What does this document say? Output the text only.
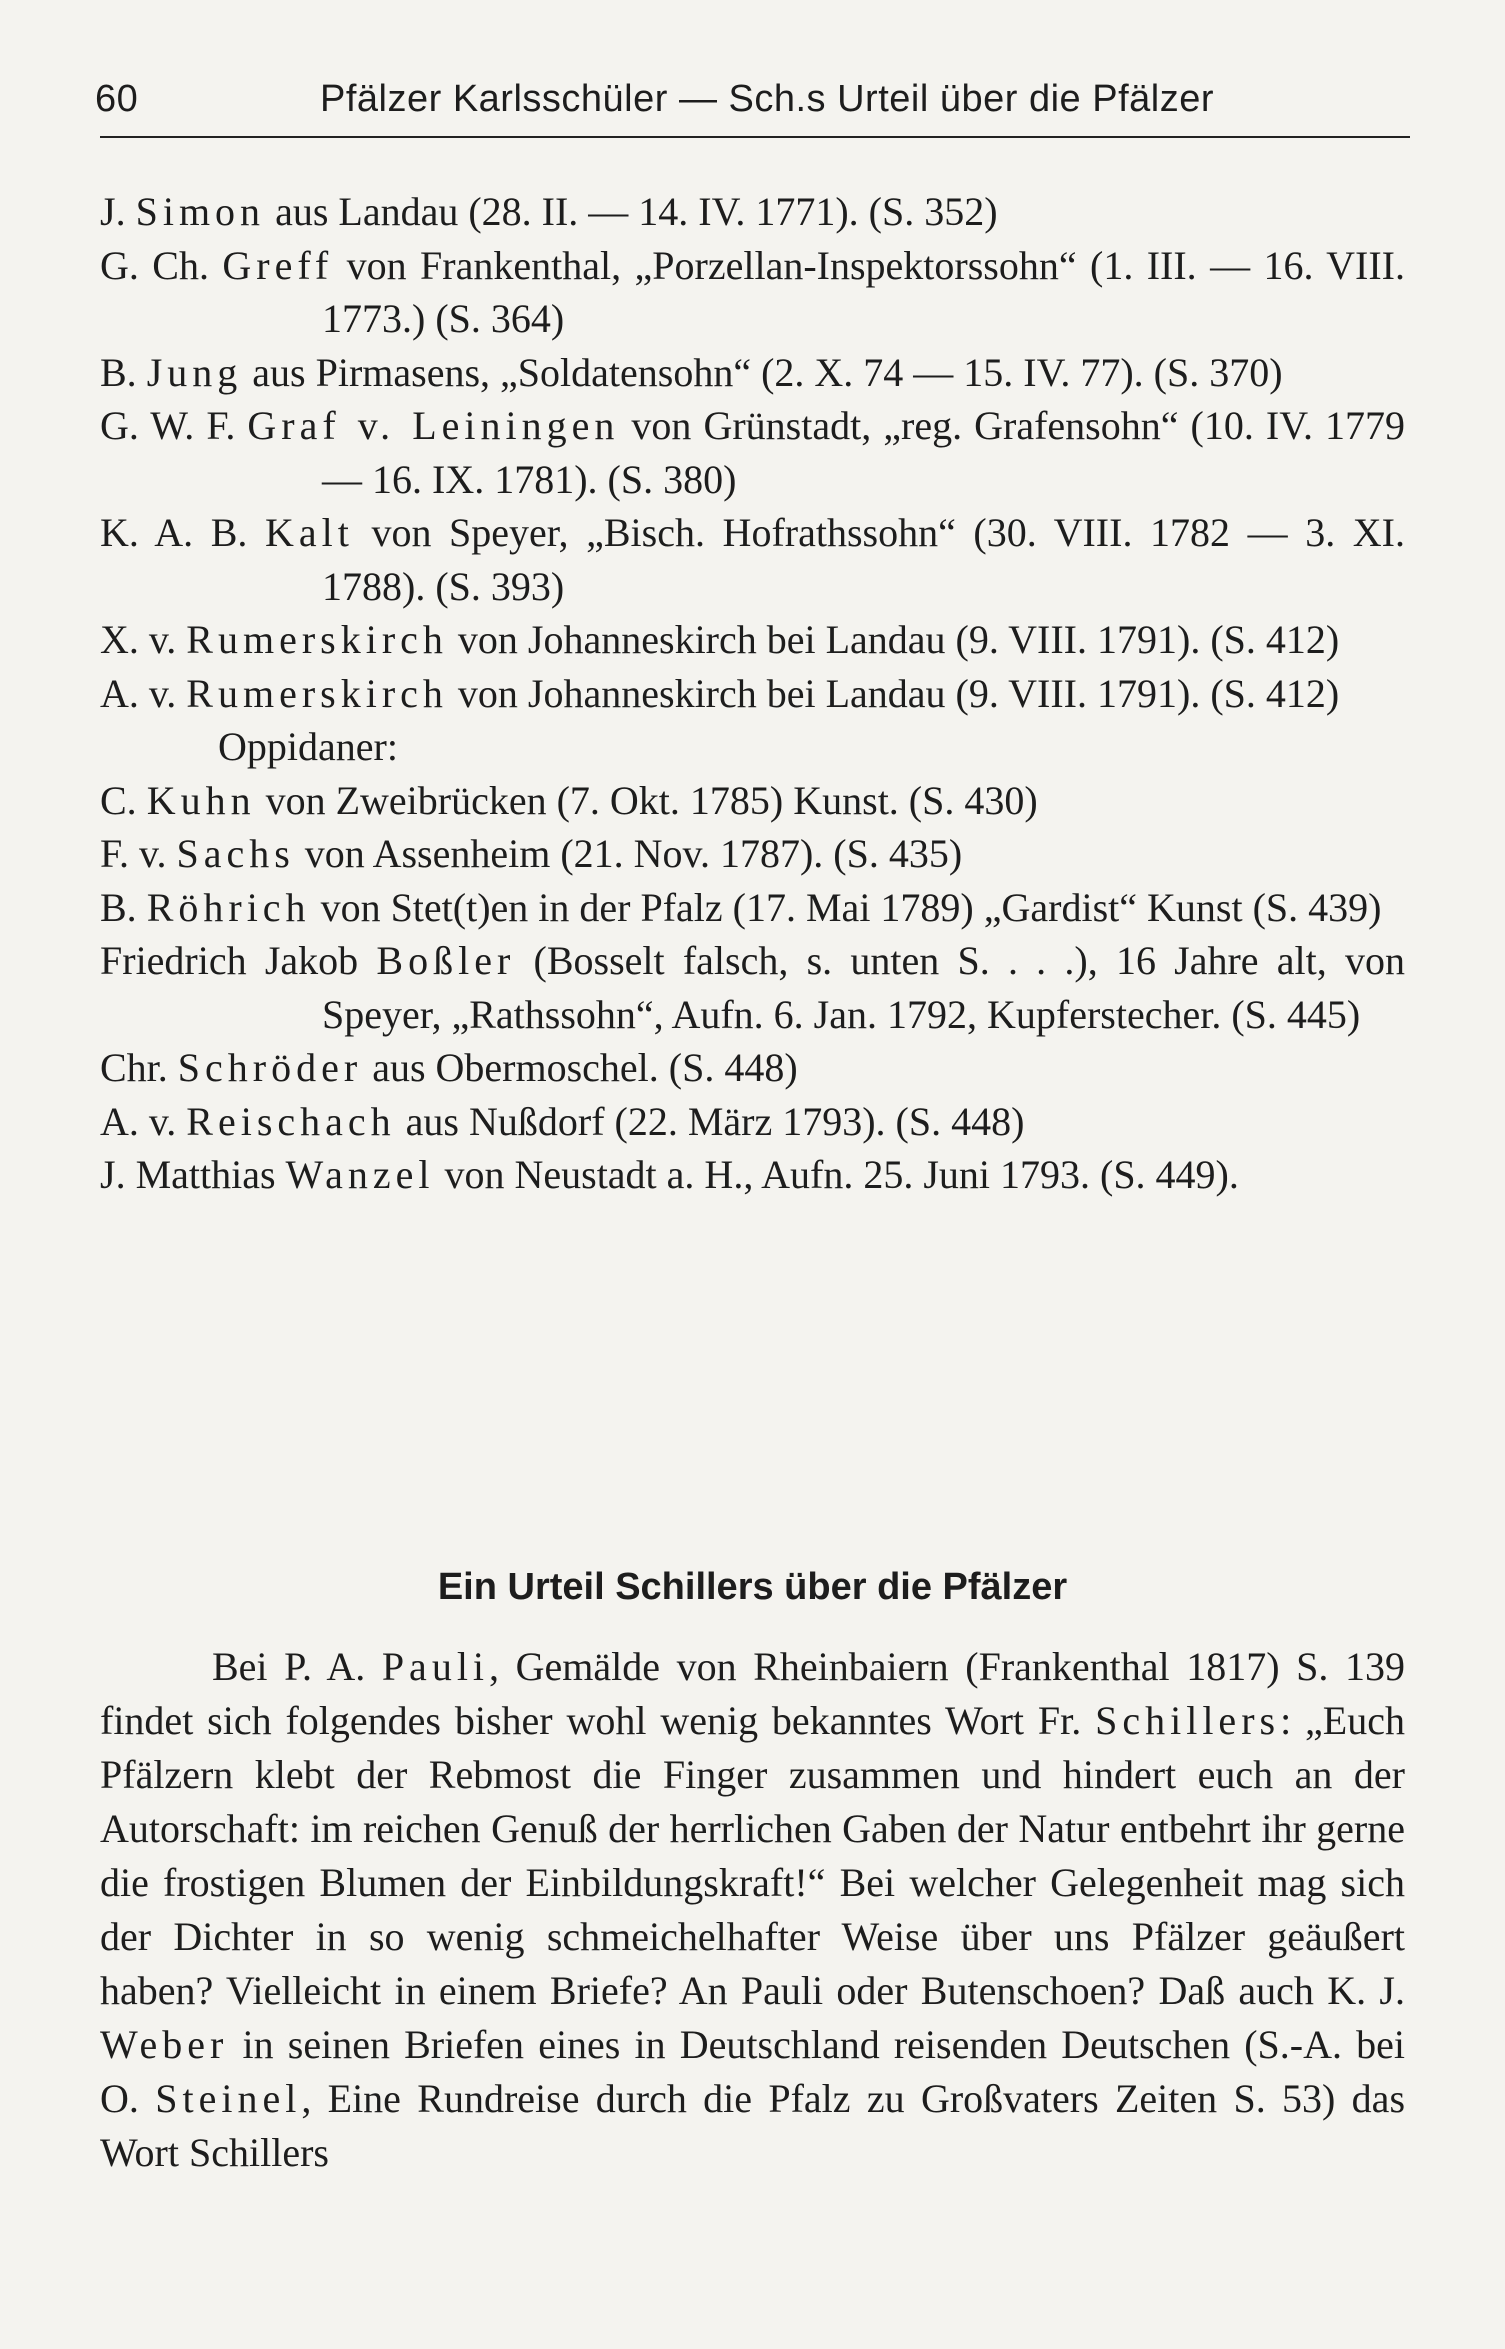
60	Pfälzer Karlsschüler — Sch.s Urteil über die Pfälzer
J. Simon aus Landau (28. II. — 14. IV. 1771). (S. 352)
G. Ch. Greff von Frankenthal, „Porzellan-Inspektorssohn“ (1. III. — 16. VIII. 1773.) (S. 364)
B. Jung aus Pirmasens, „Soldatensohn“ (2. X. 74 — 15. IV. 77). (S. 370)
G. W. F. Graf v. Leiningen von Grünstadt, „reg. Grafensohn“ (10. IV. 1779 — 16. IX. 1781). (S. 380)
K. A. B. Kalt von Speyer, „Bisch. Hofrathssohn“ (30. VIII. 1782 — 3. XI. 1788). (S. 393)
X. v. Rumerskirch von Johanneskirch bei Landau (9. VIII. 1791). (S. 412)
A. v. Rumerskirch von Johanneskirch bei Landau (9. VIII. 1791). (S. 412)
Oppidaner:
C. Kuhn von Zweibrücken (7. Okt. 1785) Kunst. (S. 430)
F. v. Sachs von Assenheim (21. Nov. 1787). (S. 435)
B. Röhrich von Stet(t)en in der Pfalz (17. Mai 1789) „Gardist“ Kunst (S. 439)
Friedrich Jakob Boßler (Bosselt falsch, s. unten S. . . .), 16 Jahre alt, von Speyer, „Rathssohn“, Aufn. 6. Jan. 1792, Kupferstecher. (S. 445)
Chr. Schröder aus Obermoschel. (S. 448)
A. v. Reischach aus Nußdorf (22. März 1793). (S. 448)
J. Matthias Wanzel von Neustadt a. H., Aufn. 25. Juni 1793. (S. 449).
Ein Urteil Schillers über die Pfälzer
Bei P. A. Pauli, Gemälde von Rheinbaiern (Frankenthal 1817) S. 139 findet sich folgendes bisher wohl wenig bekanntes Wort Fr. Schillers: „Euch Pfälzern klebt der Rebmost die Finger zusammen und hindert euch an der Autorschaft: im reichen Genuß der herrlichen Gaben der Natur entbehrt ihr gerne die frostigen Blumen der Einbildungskraft!“ Bei welcher Gelegenheit mag sich der Dichter in so wenig schmeichelhafter Weise über uns Pfälzer geäußert haben? Vielleicht in einem Briefe? An Pauli oder Butenschoen? Daß auch K. J. Weber in seinen Briefen eines in Deutschland reisenden Deutschen (S.-A. bei O. Steinel, Eine Rundreise durch die Pfalz zu Großvaters Zeiten S. 53) das Wort Schillers
